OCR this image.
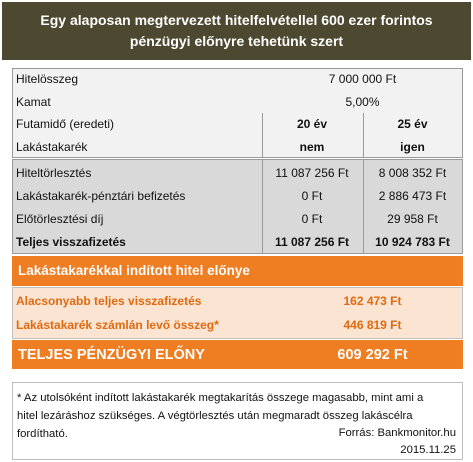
Egy alaposan megtervezett hitelfelvétellel 600 ezer forintos
pénzügyi előnyre tehetünk szert
Hitelösszeg	7 000 000 Ft
Kamat	5,00%
Futamidő (eredeti)	20 év	25 év
Lakástakarék	nem	igen
Hiteltörlesztés	11 087 256 Ft	8 008 352 Ft
Lakástakarék-pénztári befizetés	0 Ft	2 886 473 Ft
Előtörlesztési díj	0 Ft	29 958 Ft
Teljes visszafizetés	11 087 256 Ft	10 924 783 Ft
Lakástakarékkal indított hitel előnye
Alacsonyabb teljes visszafizetés	162 473 Ft
Lakástakarék számlán levő összeg*	446 819 Ft
TELJES PÉNZÜGYI ELŐNY	609 292 Ft
* Az utolsóként indított lakástakarék megtakarítás összege magasabb, mint ami a
hitel lezáráshoz szükséges. A végtörlesztés után megmaradt összeg lakáscélra
fordítható.	Forrás: Bankmonitor.hu
2015.11.25
